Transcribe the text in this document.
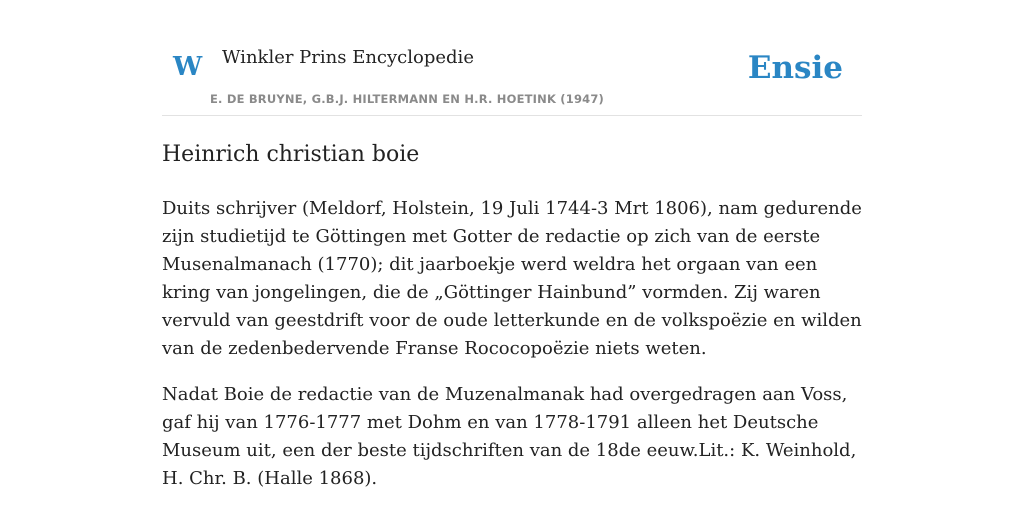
W Winkler Prins Encyclopedie
E. DE BRUYNE, G.B.J. HILTERMANN EN H.R. HOETINK (1947)
Ensie
Heinrich christian boie

Duits schrijver (Meldorf, Holstein, 19 Juli 1744-3 Mrt 1806), nam gedurende zijn studietijd te Göttingen met Gotter de redactie op zich van de eerste Musenalmanach (1770); dit jaarboekje werd weldra het orgaan van een kring van jongelingen, die de „Göttinger Hainbund” vormden. Zij waren vervuld van geestdrift voor de oude letterkunde en de volkspoëzie en wilden van de zedenbedervende Franse Rococopoëzie niets weten.

Nadat Boie de redactie van de Muzenalmanak had overgedragen aan Voss, gaf hij van 1776-1777 met Dohm en van 1778-1791 alleen het Deutsche Museum uit, een der beste tijdschriften van de 18de eeuw.Lit.: K. Weinhold, H. Chr. B. (Halle 1868).
